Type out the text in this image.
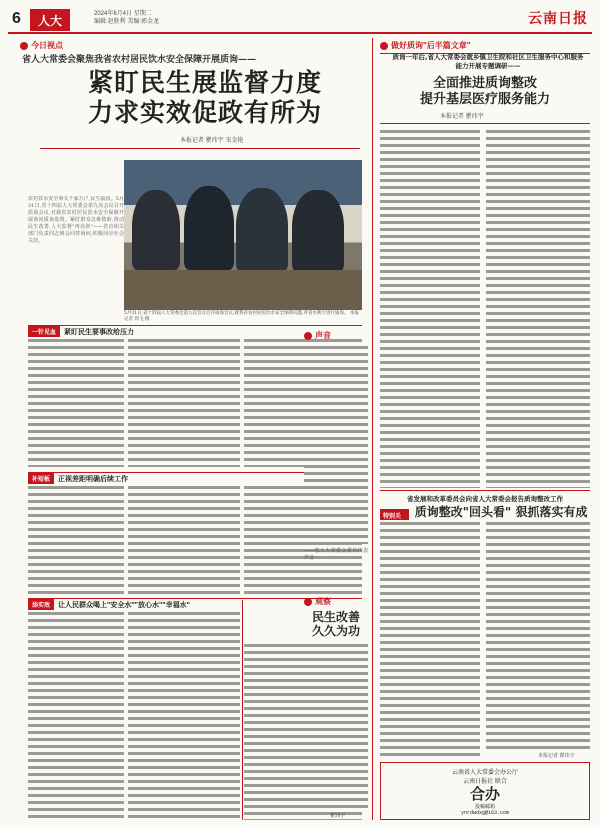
6	人大	2024年6月4日 星期二
编辑:赵胜利 美编:郭金龙	云南日报
今日视点
省人大常委会聚焦我省农村居民饮水安全保障开展质询——
紧盯民生展监督力度
力求实效促政有所为
本报记者 瞿玮宇 宋金艳
农村饮水安全事关千家万户,民生福祉。5月31日,省十四届人大常委会第九次会议召开质询会议,对我省农村居民饮水安全保障开展询问质询监督。紧盯群众急难愁盼,推动民生改善,人大监督"再亮剑"——省直相关部门负责同志到会回答询问,积极回应社会关切。
5月31日,省十四届人大常委会第九次会议召开质询会议,就我省农村居民饮水安全保障问题,对省水利厅进行质询。 本报记者 周飞 摄
一针见血	紧盯民生要事改给压力
补短板	正视差距明确后续工作
添实效	让人民群众喝上"安全水""放心水""幸福水"
声音
——省人大常委会委员代表声音
观察
民生改善
久久为功
瞿玮宇
做好质询"后半篇文章"
质询一年后,省人大常委会就乡镇卫生院和社区卫生服务中心和服务能力开展专题调研——
全面推进质询整改
提升基层医疗服务能力
本报记者 瞿玮宇
省发展和改革委员会向省人大常委会报告质询整改工作
特别关	质询整改"回头看" 狠抓落实有成
本报记者 瞿玮宇
云南省人大常委会办公厅
云南日报社 联合
合办
投稿邮箱
ynrdwdxg@163.com
